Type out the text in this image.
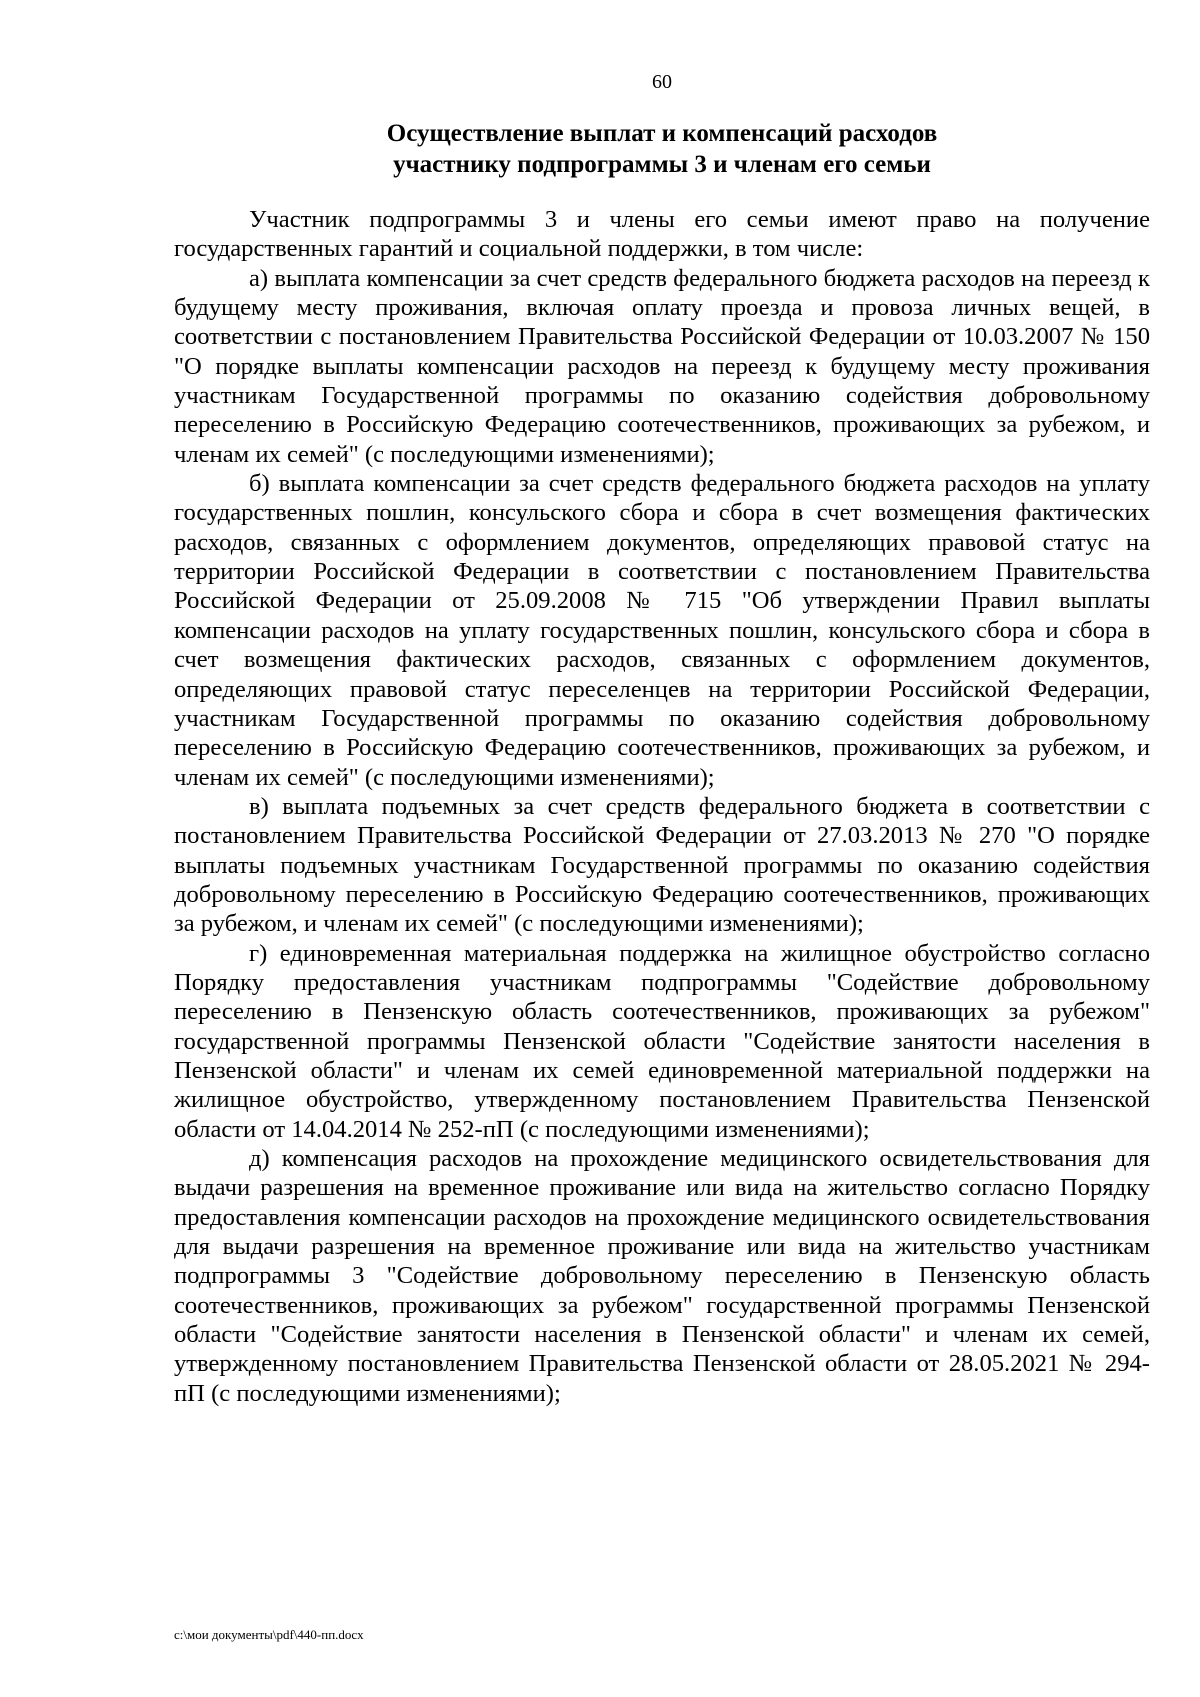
60
Осуществление выплат и компенсаций расходов
участнику подпрограммы 3 и членам его семьи

Участник подпрограммы 3 и члены его семьи имеют право на получение государственных гарантий и социальной поддержки, в том числе:

а) выплата компенсации за счет средств федерального бюджета расходов на переезд к будущему месту проживания, включая оплату проезда и провоза личных вещей, в соответствии с постановлением Правительства Российской Федерации от 10.03.2007 № 150 "О порядке выплаты компенсации расходов на переезд к будущему месту проживания участникам Государственной программы по оказанию содействия добровольному переселению в Российскую Федерацию соотечественников, проживающих за рубежом, и членам их семей" (с последующими изменениями);

б) выплата компенсации за счет средств федерального бюджета расходов на уплату государственных пошлин, консульского сбора и сбора в счет возмещения фактических расходов, связанных с оформлением документов, определяющих правовой статус на территории Российской Федерации в соответствии с постановлением Правительства Российской Федерации от 25.09.2008 № 715 "Об утверждении Правил выплаты компенсации расходов на уплату государственных пошлин, консульского сбора и сбора в счет возмещения фактических расходов, связанных с оформлением документов, определяющих правовой статус переселенцев на территории Российской Федерации, участникам Государственной программы по оказанию содействия добровольному переселению в Российскую Федерацию соотечественников, проживающих за рубежом, и членам их семей" (с последующими изменениями);

в) выплата подъемных за счет средств федерального бюджета в соответствии с постановлением Правительства Российской Федерации от 27.03.2013 № 270 "О порядке выплаты подъемных участникам Государственной программы по оказанию содействия добровольному переселению в Российскую Федерацию соотечественников, проживающих за рубежом, и членам их семей" (с последующими изменениями);

г) единовременная материальная поддержка на жилищное обустройство согласно Порядку предоставления участникам подпрограммы "Содействие добровольному переселению в Пензенскую область соотечественников, проживающих за рубежом" государственной программы Пензенской области "Содействие занятости населения в Пензенской области" и членам их семей единовременной материальной поддержки на жилищное обустройство, утвержденному постановлением Правительства Пензенской области от 14.04.2014 № 252-пП (с последующими изменениями);

д) компенсация расходов на прохождение медицинского освидетельствования для выдачи разрешения на временное проживание или вида на жительство согласно Порядку предоставления компенсации расходов на прохождение медицинского освидетельствования для выдачи разрешения на временное проживание или вида на жительство участникам подпрограммы 3 "Содействие добровольному переселению в Пензенскую область соотечественников, проживающих за рубежом" государственной программы Пензенской области "Содействие занятости населения в Пензенской области" и членам их семей, утвержденному постановлением Правительства Пензенской области от 28.05.2021 № 294-пП (с последующими изменениями);

c:\мои документы\pdf\440-пп.docx
